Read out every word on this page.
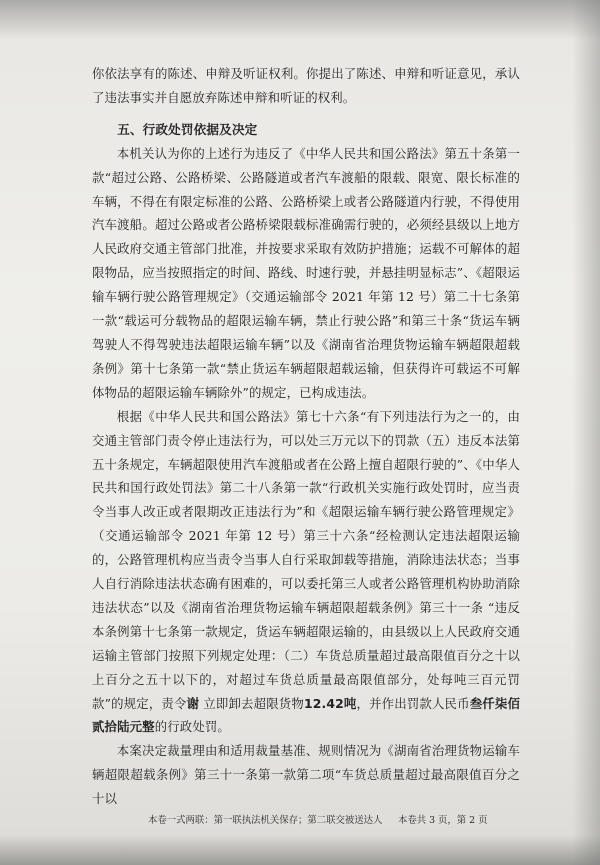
你依法享有的陈述、申辩及听证权利。你提出了陈述、申辩和听证意见，承认了违法事实并自愿放弃陈述申辩和听证的权利。

五、行政处罚依据及决定

本机关认为你的上述行为违反了《中华人民共和国公路法》第五十条第一款“超过公路、公路桥梁、公路隧道或者汽车渡船的限载、限宽、限长标准的车辆，不得在有限定标准的公路、公路桥梁上或者公路隧道内行驶，不得使用汽车渡船。超过公路或者公路桥梁限载标准确需行驶的，必须经县级以上地方人民政府交通主管部门批准，并按要求采取有效防护措施；运载不可解体的超限物品，应当按照指定的时间、路线、时速行驶，并悬挂明显标志”、《超限运输车辆行驶公路管理规定》（交通运输部令 2021 年第 12 号）第二十七条第一款“载运可分载物品的超限运输车辆，禁止行驶公路”和第三十条“货运车辆驾驶人不得驾驶违法超限运输车辆”以及《湖南省治理货物运输车辆超限超载条例》第十七条第一款“禁止货运车辆超限超载运输，但获得许可载运不可解体物品的超限运输车辆除外”的规定，已构成违法。

根据《中华人民共和国公路法》第七十六条“有下列违法行为之一的，由交通主管部门责令停止违法行为，可以处三万元以下的罚款（五）违反本法第五十条规定，车辆超限使用汽车渡船或者在公路上擅自超限行驶的”、《中华人民共和国行政处罚法》第二十八条第一款“行政机关实施行政处罚时，应当责令当事人改正或者限期改正违法行为”和《超限运输车辆行驶公路管理规定》（交通运输部令 2021 年第 12 号）第三十六条“经检测认定违法超限运输的，公路管理机构应当责令当事人自行采取卸载等措施，消除违法状态；当事人自行消除违法状态确有困难的，可以委托第三人或者公路管理机构协助消除违法状态”以及《湖南省治理货物运输车辆超限超载条例》第三十一条 “违反本条例第十七条第一款规定，货运车辆超限运输的，由县级以上人民政府交通运输主管部门按照下列规定处理：（二）车货总质量超过最高限值百分之十以上百分之五十以下的，对超过车货总质量最高限值部分，处每吨三百元罚款”的规定，责令谢 立即卸去超限货物12.42吨，并作出罚款人民币叁仟柒佰贰拾陆元整的行政处罚。

本案决定裁量理由和适用裁量基准、规则情况为《湖南省治理货物运输车辆超限超载条例》第三十一条第一款第二项“车货总质量超过最高限值百分之十以

本卷一式两联：第一联执法机关保存；第二联交被送达人 本卷共 3 页，第 2 页
